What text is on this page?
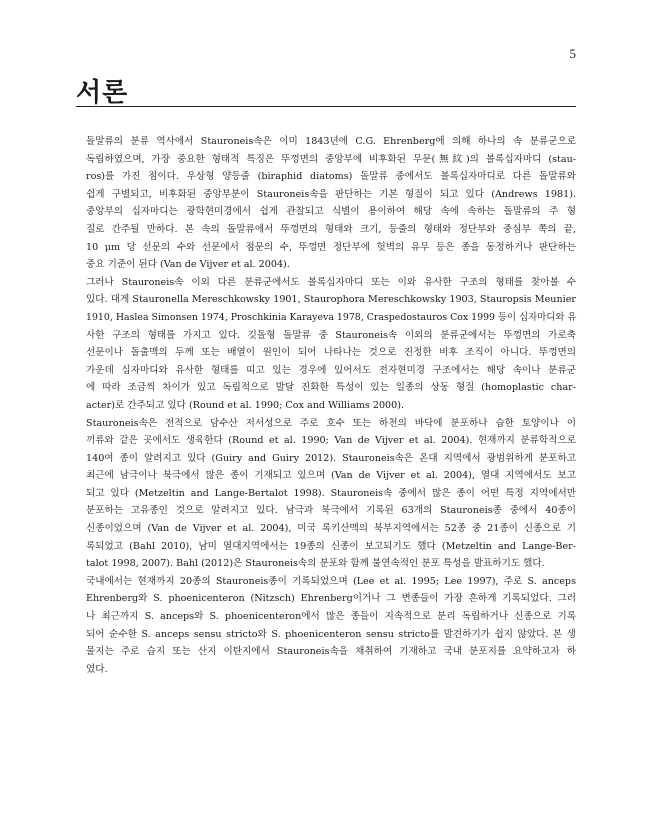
5
서론

돌말류의 분류 역사에서 Stauroneis속은 이미 1843년에 C.G. Ehrenberg에 의해 하나의 속 분류군으로
독립하였으며, 가장 중요한 형태적 특징은 뚜껑면의 중앙부에 비후화된 무문(無紋)의 볼록십자마디 (stau-
ros)를 가진 점이다. 우상형 양등줄 (biraphid diatoms) 돌말류 중에서도 볼록십자마디로 다른 돌말류와
쉽게 구별되고, 비후화된 중앙부분이 Stauroneis속을 판단하는 기본 형질이 되고 있다 (Andrews 1981).
중앙부의 십자마디는 광학현미경에서 쉽게 관찰되고 식별이 용이하여 해당 속에 속하는 돌말류의 주 형
질로 간주될 만하다. 본 속의 돌말류에서 뚜껑면의 형태와 크기, 등줄의 형태와 정단부와 중심부 쪽의 끝,
10 μm 당 선문의 수와 선문에서 점문의 수, 뚜껑면 정단부에 헛벽의 유무 등은 종을 동정하거나 판단하는
중요 기준이 된다 (Van de Vijver et al. 2004).

그러나 Stauroneis속 이외 다른 분류군에서도 볼록십자마디 또는 이와 유사한 구조의 형태를 찾아볼 수
있다. 대게 Stauronella Mereschkowsky 1901, Staurophora Mereschkowsky 1903, Stauropsis Meunier
1910, Haslea Simonsen 1974, Proschkinia Karayeva 1978, Craspedostauros Cox 1999 등이 십자마디와 유
사한 구조의 형태를 가지고 있다. 깃돌형 돌말류 중 Stauroneis속 이외의 분류군에서는 뚜껑면의 가로축
선문이나 돌출맥의 두께 또는 배열이 원인이 되어 나타나는 것으로 진정한 비후 조직이 아니다. 뚜껑면의
가운데 십자마디와 유사한 형태를 띠고 있는 경우에 있어서도 전자현미경 구조에서는 해당 속이나 분류군
에 따라 조금씩 차이가 있고 독립적으로 발달 진화한 특성이 있는 일종의 상동 형질 (homoplastic char-
acter)로 간주되고 있다 (Round et al. 1990; Cox and Williams 2000).

Stauroneis속은 전적으로 담수산 저서성으로 주로 호수 또는 하천의 바닥에 분포하나 습한 토양이나 이
끼류와 같은 곳에서도 생육한다 (Round et al. 1990; Van de Vijver et al. 2004). 현재까지 분류학적으로
140여 종이 알려지고 있다 (Guiry and Guiry 2012). Stauroneis속은 온대 지역에서 광범위하게 분포하고
최근에 남극이나 북극에서 많은 종이 기재되고 있으며 (Van de Vijver et al. 2004), 열대 지역에서도 보고
되고 있다 (Metzeltin and Lange-Bertalot 1998). Stauroneis속 중에서 많은 종이 어떤 특정 지역에서만
분포하는 고유종인 것으로 알려지고 있다. 남극과 북극에서 기록된 63개의 Stauroneis종 중에서 40종이
신종이었으며 (Van de Vijver et al. 2004), 미국 록키산맥의 북부지역에서는 52종 중 21종이 신종으로 기
록되었고 (Bahl 2010), 남미 열대지역에서는 19종의 신종이 보고되기도 했다 (Metzeltin and Lange-Ber-
talot 1998, 2007). Bahl (2012)은 Stauroneis속의 분포와 함께 불연속적인 분포 특성을 발표하기도 했다.

국내에서는 현재까지 20종의 Stauroneis종이 기록되었으며 (Lee et al. 1995; Lee 1997), 주로 S. anceps
Ehrenberg와 S. phoenicenteron (Nitzsch) Ehrenberg이거나 그 변종들이 가장 흔하게 기록되었다. 그러
나 최근까지 S. anceps와 S. phoenicenteron에서 많은 종들이 지속적으로 분리 독립하거나 신종으로 기록
되어 순수한 S. anceps sensu stricto와 S. phoenicenteron sensu stricto를 발견하기가 쉽지 않았다. 본 생
물지는 주로 습지 또는 산지 이탄지에서 Stauroneis속을 채취하여 기재하고 국내 분포지를 요약하고자 하
였다.
